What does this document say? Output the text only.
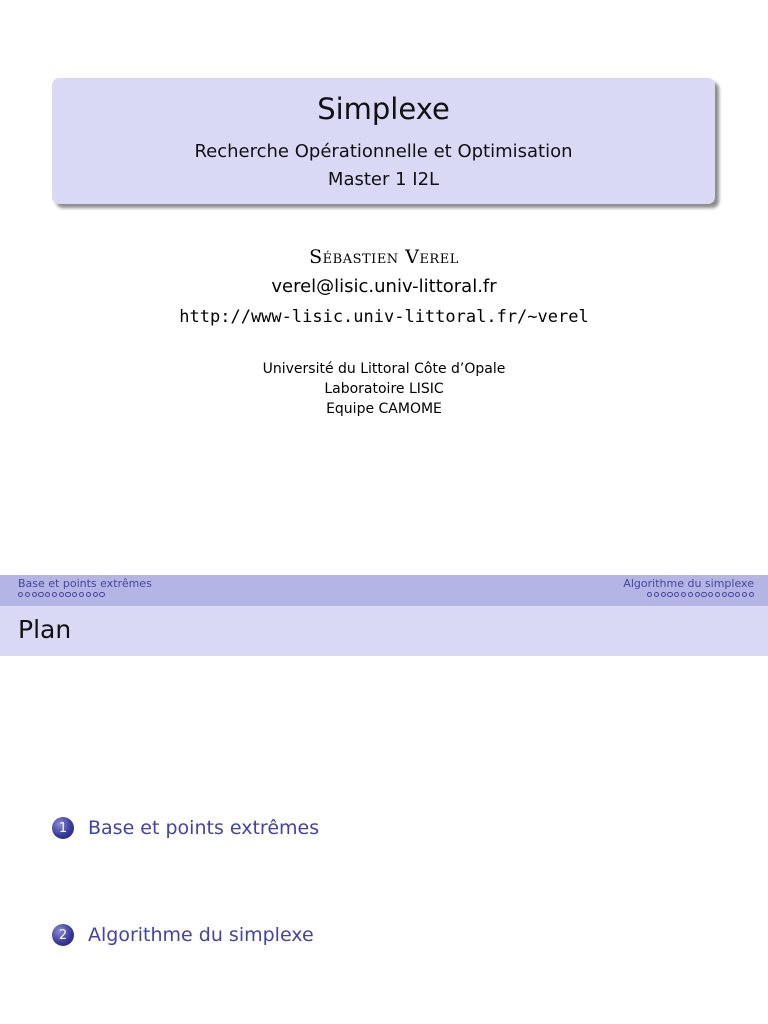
Simplexe
Recherche Opérationnelle et Optimisation
Master 1 I2L
Sébastien Verel
verel@lisic.univ-littoral.fr
http://www-lisic.univ-littoral.fr/~verel
Université du Littoral Côte d’Opale
Laboratoire LISIC
Equipe CAMOME
Base et points extrêmes	Algorithme du simplexe
Plan
1	Base et points extrêmes
2	Algorithme du simplexe
